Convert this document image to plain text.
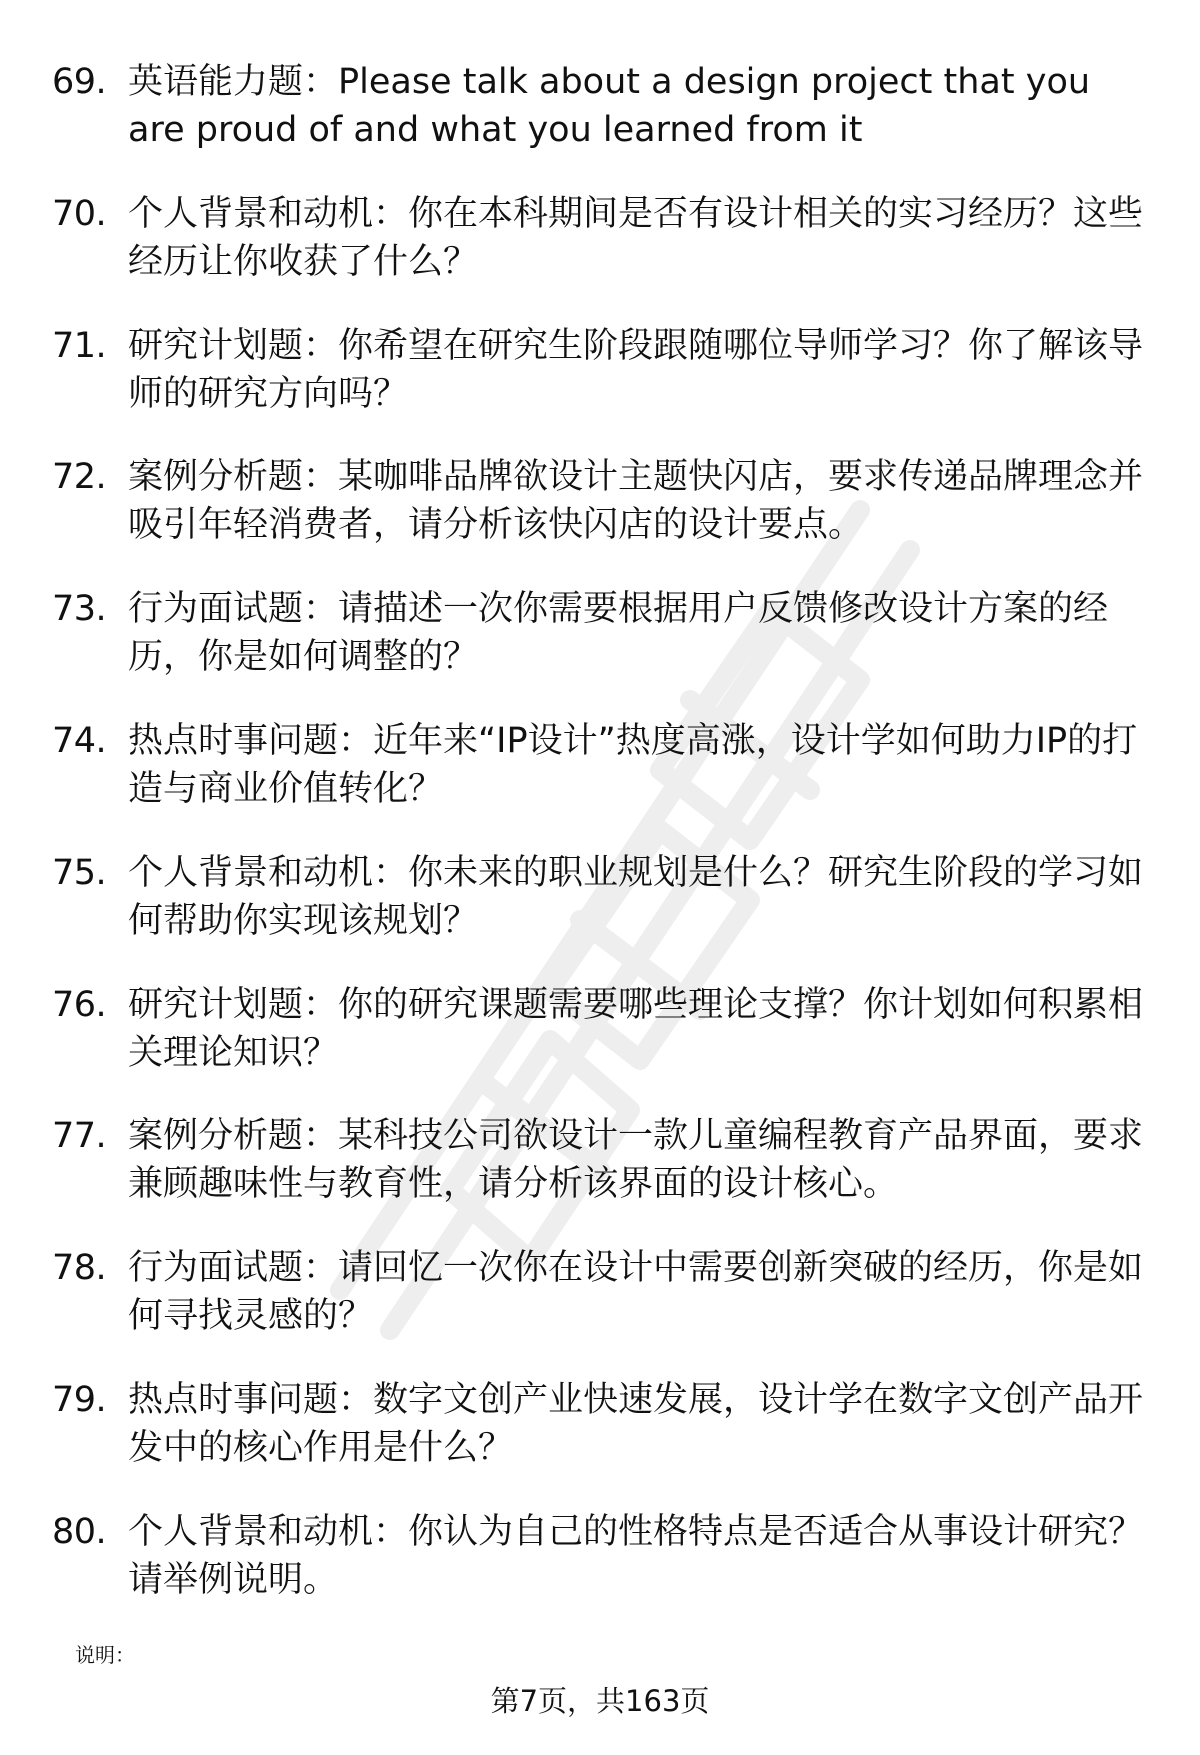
69. 英语能力题：Please talk about a design project that you are proud of and what you learned from it
70. 个人背景和动机：你在本科期间是否有设计相关的实习经历？这些经历让你收获了什么？
71. 研究计划题：你希望在研究生阶段跟随哪位导师学习？你了解该导师的研究方向吗？
72. 案例分析题：某咖啡品牌欲设计主题快闪店，要求传递品牌理念并吸引年轻消费者，请分析该快闪店的设计要点。
73. 行为面试题：请描述一次你需要根据用户反馈修改设计方案的经历，你是如何调整的？
74. 热点时事问题：近年来“IP设计”热度高涨，设计学如何助力IP的打造与商业价值转化？
75. 个人背景和动机：你未来的职业规划是什么？研究生阶段的学习如何帮助你实现该规划？
76. 研究计划题：你的研究课题需要哪些理论支撑？你计划如何积累相关理论知识？
77. 案例分析题：某科技公司欲设计一款儿童编程教育产品界面，要求兼顾趣味性与教育性，请分析该界面的设计核心。
78. 行为面试题：请回忆一次你在设计中需要创新突破的经历，你是如何寻找灵感的？
79. 热点时事问题：数字文创产业快速发展，设计学在数字文创产品开发中的核心作用是什么？
80. 个人背景和动机：你认为自己的性格特点是否适合从事设计研究？请举例说明。
说明：
第7页，共163页
